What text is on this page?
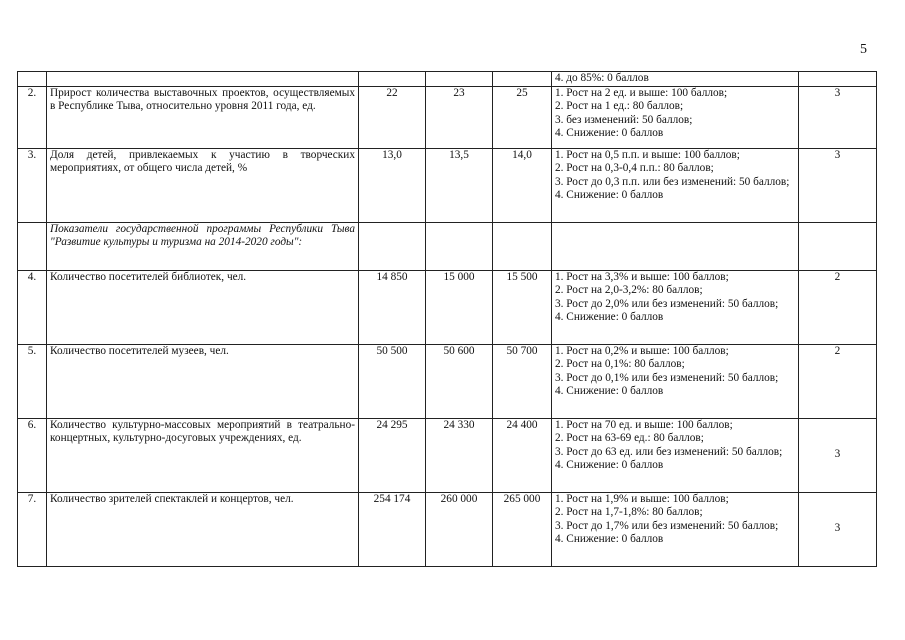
5

					4. до 85%: 0 баллов	

2.	Прирост количества выставочных проектов, осуществляемых в Республике Тыва, относительно уровня 2011 года, ед.	22	23	25	1. Рост на 2 ед. и выше: 100 баллов;
2. Рост на 1 ед.: 80 баллов;
3. без изменений: 50 баллов;
4. Снижение: 0 баллов	3
3.	Доля детей, привлекаемых к участию в творческих мероприятиях, от общего числа детей, %	13,0	13,5	14,0	1. Рост на 0,5 п.п. и выше: 100 баллов;
2. Рост на 0,3-0,4 п.п.: 80 баллов;
3. Рост до 0,3 п.п. или без изменений: 50 баллов;
4. Снижение: 0 баллов	3
	Показатели государственной программы Республики Тыва "Развитие культуры и туризма на 2014-2020 годы":					
4.	Количество посетителей библиотек, чел.	14 850	15 000	15 500	1. Рост на 3,3% и выше: 100 баллов;
2. Рост на 2,0-3,2%: 80 баллов;
3. Рост до 2,0% или без изменений: 50 баллов;
4. Снижение: 0 баллов	2
5.	Количество посетителей музеев, чел.	50 500	50 600	50 700	1. Рост на 0,2% и выше: 100 баллов;
2. Рост на 0,1%: 80 баллов;
3. Рост до 0,1% или без изменений: 50 баллов;
4. Снижение: 0 баллов	2
6.	Количество культурно-массовых мероприятий в театрально-концертных, культурно-досуговых учреждениях, ед.	24 295	24 330	24 400	1. Рост на 70 ед. и выше: 100 баллов;
2. Рост на 63-69 ед.: 80 баллов;
3. Рост до 63 ед. или без изменений: 50 баллов;
4. Снижение: 0 баллов	3
7.	Количество зрителей спектаклей и концертов, чел.	254 174	260 000	265 000	1. Рост на 1,9% и выше: 100 баллов;
2. Рост на 1,7-1,8%: 80 баллов;
3. Рост до 1,7% или без изменений: 50 баллов;
4. Снижение: 0 баллов	3
